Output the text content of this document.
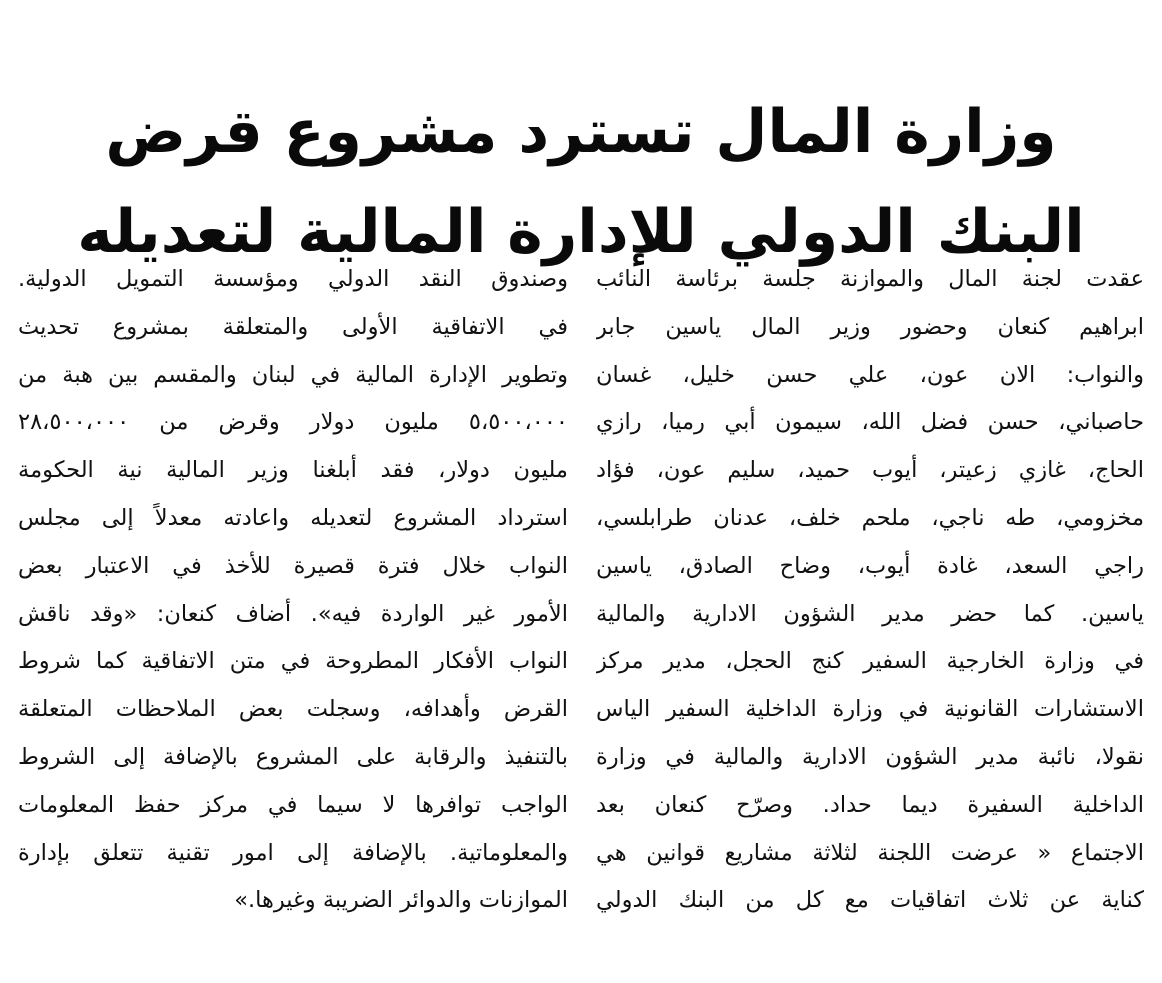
وزارة المال تسترد مشروع قرض
البنك الدولي للإدارة المالية لتعديله
عقدت لجنة المال والموازنة جلسة برئاسة النائب
ابراهيم كنعان وحضور وزير المال ياسين جابر
والنواب: الان عون، علي حسن خليل، غسان
حاصباني، حسن فضل الله، سيمون أبي رميا، رازي
الحاج، غازي زعيتر، أيوب حميد، سليم عون، فؤاد
مخزومي، طه ناجي، ملحم خلف، عدنان طرابلسي،
راجي السعد، غادة أيوب، وضاح الصادق، ياسين
ياسين. كما حضر مدير الشؤون الادارية والمالية
في وزارة الخارجية السفير كنج الحجل، مدير مركز
الاستشارات القانونية في وزارة الداخلية السفير الياس
نقولا، نائبة مدير الشؤون الادارية والمالية في وزارة
الداخلية السفيرة ديما حداد. وصرّح كنعان بعد
الاجتماع « عرضت اللجنة لثلاثة مشاريع قوانين هي
كناية عن ثلاث اتفاقيات مع كل من البنك الدولي
وصندوق النقد الدولي ومؤسسة التمويل الدولية.
في الاتفاقية الأولى والمتعلقة بمشروع تحديث
وتطوير الإدارة المالية في لبنان والمقسم بين هبة من
٥،٥٠٠،٠٠٠ مليون دولار وقرض من ٢٨،٥٠٠،٠٠٠
مليون دولار، فقد أبلغنا وزير المالية نية الحكومة
استرداد المشروع لتعديله واعادته معدلاً إلى مجلس
النواب خلال فترة قصيرة للأخذ في الاعتبار بعض
الأمور غير الواردة فيه». أضاف كنعان: «وقد ناقش
النواب الأفكار المطروحة في متن الاتفاقية كما شروط
القرض وأهدافه، وسجلت بعض الملاحظات المتعلقة
بالتنفيذ والرقابة على المشروع بالإضافة إلى الشروط
الواجب توافرها لا سيما في مركز حفظ المعلومات
والمعلوماتية. بالإضافة إلى امور تقنية تتعلق بإدارة
الموازنات والدوائر الضريبة وغيرها.»
